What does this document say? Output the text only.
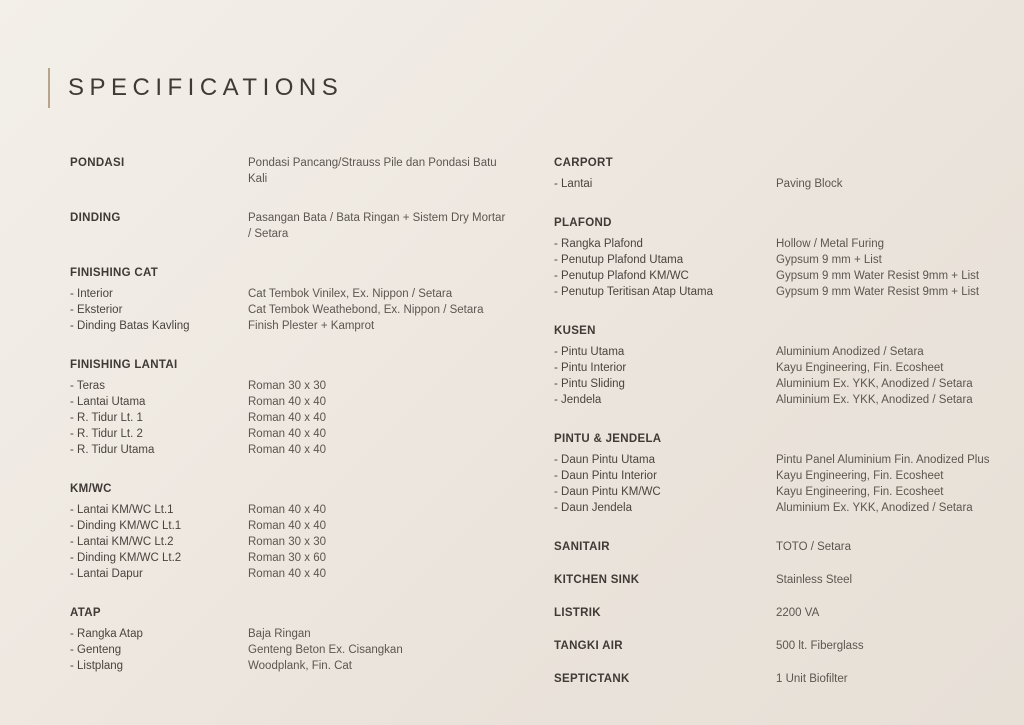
SPECIFICATIONS
PONDASI	Pondasi Pancang/Strauss Pile dan Pondasi Batu Kali
DINDING	Pasangan Bata / Bata Ringan + Sistem Dry Mortar / Setara
FINISHING CAT
- Interior	Cat Tembok Vinilex, Ex. Nippon / Setara
- Eksterior	Cat Tembok Weathebond, Ex. Nippon / Setara
- Dinding Batas Kavling	Finish Plester + Kamprot
FINISHING LANTAI
- Teras	Roman 30 x 30
- Lantai Utama	Roman 40 x 40
- R. Tidur Lt. 1	Roman 40 x 40
- R. Tidur Lt. 2	Roman 40 x 40
- R. Tidur Utama	Roman 40 x 40
KM/WC
- Lantai KM/WC Lt.1	Roman 40 x 40
- Dinding KM/WC Lt.1	Roman 40 x 40
- Lantai KM/WC Lt.2	Roman 30 x 30
- Dinding KM/WC Lt.2	Roman 30 x 60
- Lantai Dapur	Roman 40 x 40
ATAP
- Rangka Atap	Baja Ringan
- Genteng	Genteng Beton Ex. Cisangkan
- Listplang	Woodplank, Fin. Cat
CARPORT
- Lantai	Paving Block
PLAFOND
- Rangka Plafond	Hollow / Metal Furing
- Penutup Plafond Utama	Gypsum 9 mm + List
- Penutup Plafond KM/WC	Gypsum 9 mm Water Resist 9mm + List
- Penutup Teritisan Atap Utama	Gypsum 9 mm Water Resist 9mm + List
KUSEN
- Pintu Utama	Aluminium Anodized / Setara
- Pintu Interior	Kayu Engineering, Fin. Ecosheet
- Pintu Sliding	Aluminium Ex. YKK, Anodized / Setara
- Jendela	Aluminium Ex. YKK, Anodized / Setara
PINTU & JENDELA
- Daun Pintu Utama	Pintu Panel Aluminium Fin. Anodized Plus
- Daun Pintu Interior	Kayu Engineering, Fin. Ecosheet
- Daun Pintu KM/WC	Kayu Engineering, Fin. Ecosheet
- Daun Jendela	Aluminium Ex. YKK, Anodized / Setara
SANITAIR	TOTO / Setara
KITCHEN SINK	Stainless Steel
LISTRIK	2200 VA
TANGKI AIR	500 lt. Fiberglass
SEPTICTANK	1 Unit Biofilter
